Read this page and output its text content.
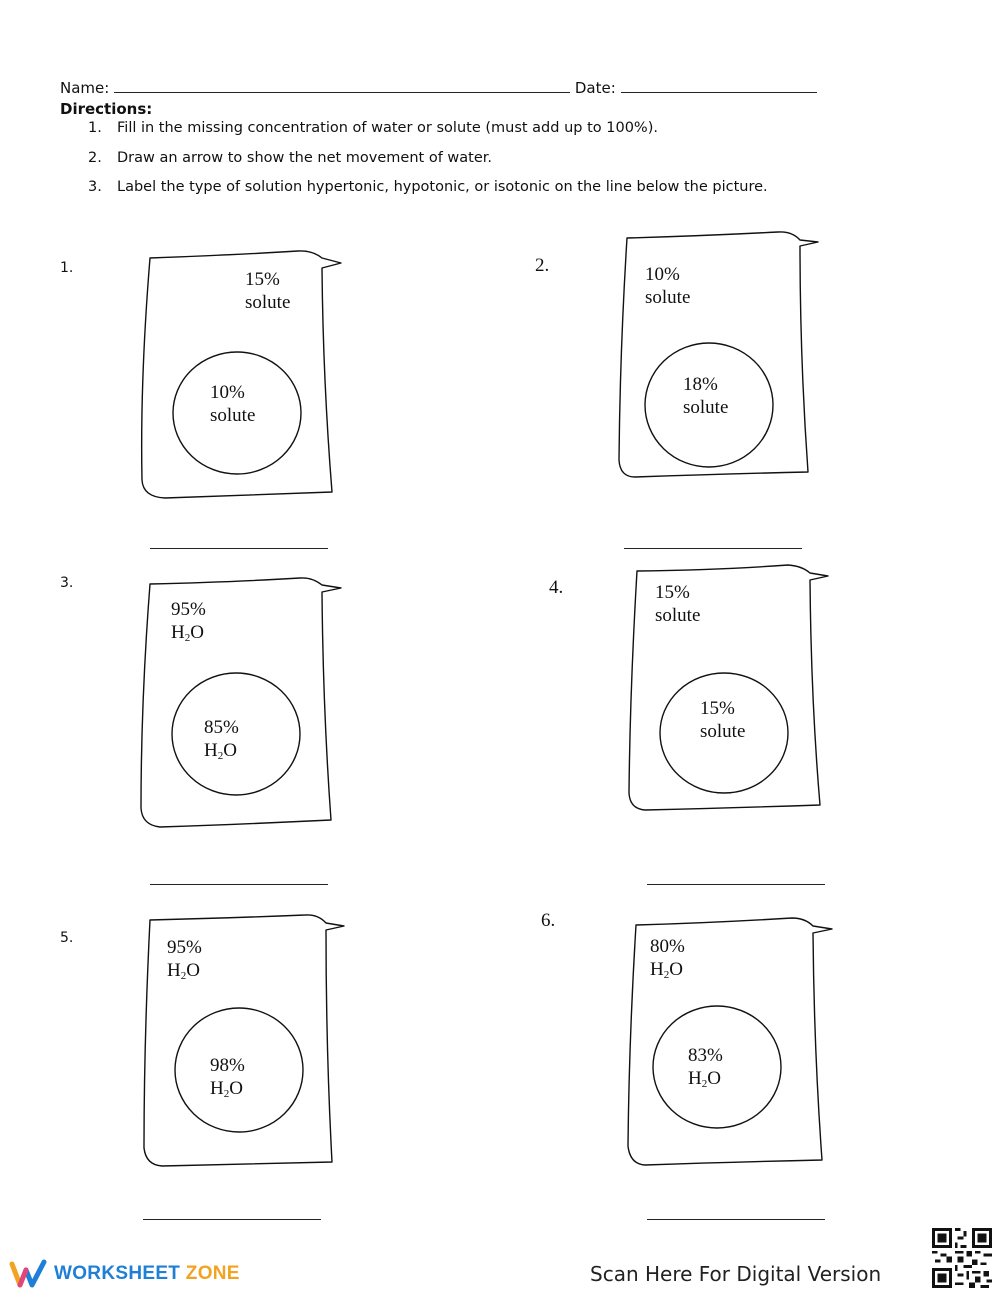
Name:	Date:
Directions:
1. Fill in the missing concentration of water or solute (must add up to 100%).
2. Draw an arrow to show the net movement of water.
3. Label the type of solution hypertonic, hypotonic, or isotonic on the line below the picture.
1.	2.
3.	4.
5.
6.
15%
solute
10%
solute
10%
solute
18%
solute
95%
$H_2O$
85%
$H_2O$
15%
solute
15%
solute
95%
$H_2O$
98%
$H_2O$
80%
$H_2O$
83%
$H_2O$
WORKSHEET ZONE	Scan Here For Digital Version
